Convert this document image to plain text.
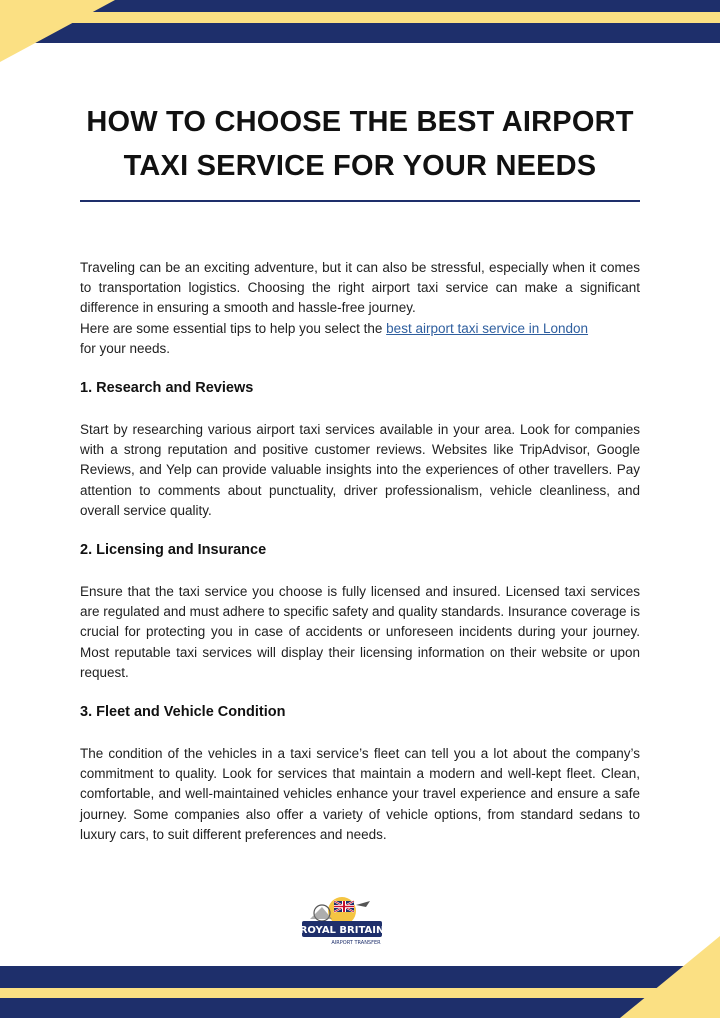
HOW TO CHOOSE THE BEST AIRPORT
TAXI SERVICE FOR YOUR NEEDS

Traveling can be an exciting adventure, but it can also be stressful, especially when it comes to transportation logistics. Choosing the right airport taxi service can make a significant difference in ensuring a smooth and hassle-free journey.

Here are some essential tips to help you select the best airport taxi service in London
for your needs.

1. Research and Reviews

Start by researching various airport taxi services available in your area. Look for companies with a strong reputation and positive customer reviews. Websites like TripAdvisor, Google Reviews, and Yelp can provide valuable insights into the experiences of other travellers. Pay attention to comments about punctuality, driver professionalism, vehicle cleanliness, and overall service quality.

2. Licensing and Insurance

Ensure that the taxi service you choose is fully licensed and insured. Licensed taxi services are regulated and must adhere to specific safety and quality standards. Insurance coverage is crucial for protecting you in case of accidents or unforeseen incidents during your journey. Most reputable taxi services will display their licensing information on their website or upon request.

3. Fleet and Vehicle Condition

The condition of the vehicles in a taxi service’s fleet can tell you a lot about the company’s commitment to quality. Look for services that maintain a modern and well-kept fleet. Clean, comfortable, and well-maintained vehicles enhance your travel experience and ensure a safe journey. Some companies also offer a variety of vehicle options, from standard sedans to luxury cars, to suit different preferences and needs.

ROYAL BRITAIN
AIRPORT TRANSFER
